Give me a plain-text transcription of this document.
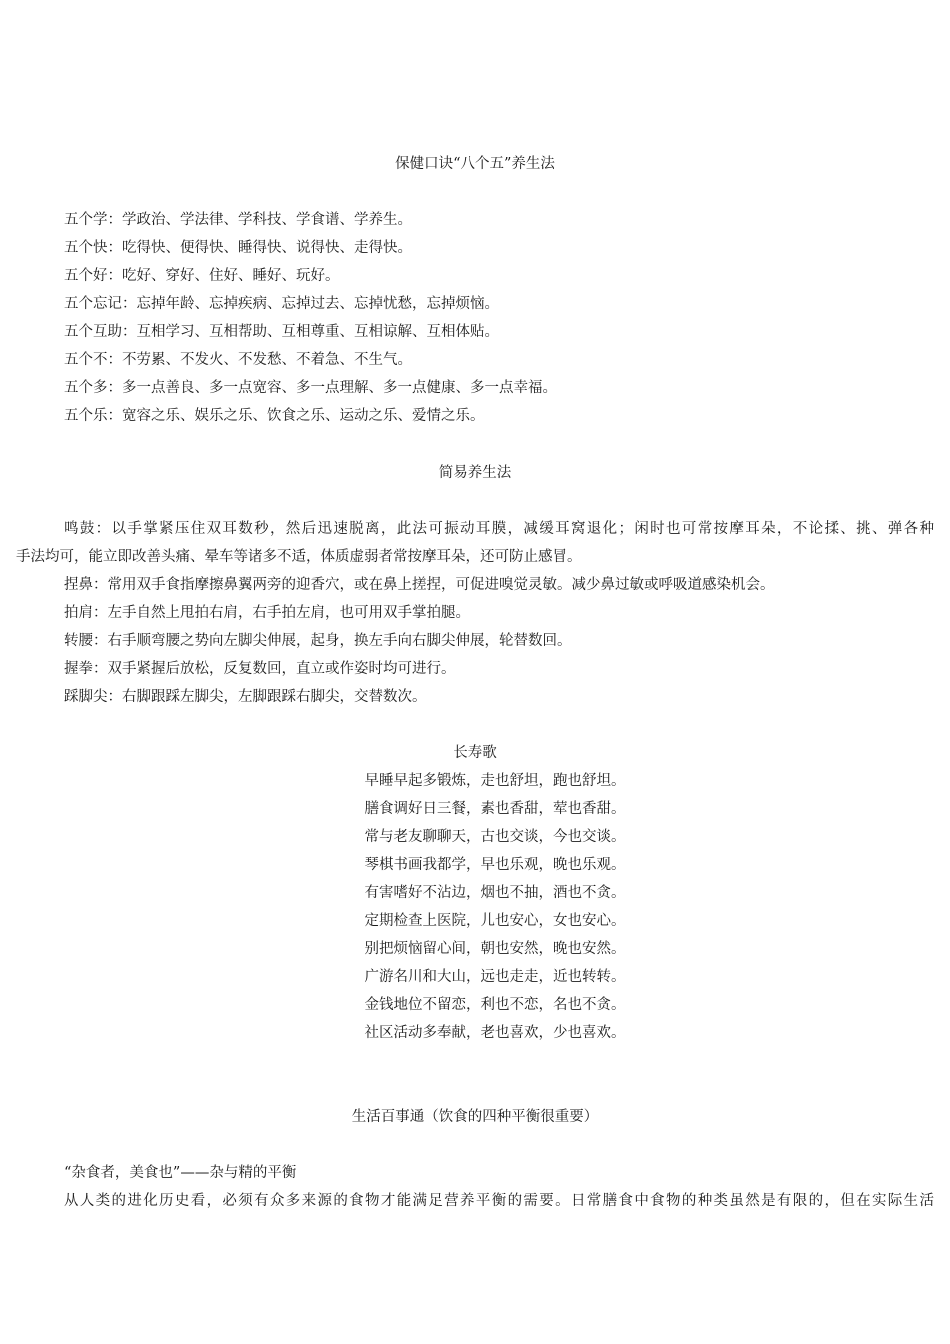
保健口诀“八个五”养生法
五个学：学政治、学法律、学科技、学食谱、学养生。
五个快：吃得快、便得快、睡得快、说得快、走得快。
五个好：吃好、穿好、住好、睡好、玩好。
五个忘记：忘掉年龄、忘掉疾病、忘掉过去、忘掉忧愁，忘掉烦恼。
五个互助：互相学习、互相帮助、互相尊重、互相谅解、互相体贴。
五个不：不劳累、不发火、不发愁、不着急、不生气。
五个多：多一点善良、多一点宽容、多一点理解、多一点健康、多一点幸福。
五个乐：宽容之乐、娱乐之乐、饮食之乐、运动之乐、爱情之乐。
简易养生法
鸣鼓：以手掌紧压住双耳数秒，然后迅速脱离，此法可振动耳膜，减缓耳窝退化；闲时也可常按摩耳朵，不论揉、挑、弹各种
手法均可，能立即改善头痛、晕车等诸多不适，体质虚弱者常按摩耳朵，还可防止感冒。
捏鼻：常用双手食指摩擦鼻翼两旁的迎香穴，或在鼻上搓捏，可促进嗅觉灵敏。减少鼻过敏或呼吸道感染机会。
拍肩：左手自然上甩拍右肩，右手拍左肩，也可用双手掌拍腿。
转腰：右手顺弯腰之势向左脚尖伸展，起身，换左手向右脚尖伸展，轮替数回。
握拳：双手紧握后放松，反复数回，直立或作姿时均可进行。
踩脚尖：右脚跟踩左脚尖，左脚跟踩右脚尖，交替数次。
长寿歌
早睡早起多锻炼，走也舒坦，跑也舒坦。
膳食调好日三餐，素也香甜，荤也香甜。
常与老友聊聊天，古也交谈，今也交谈。
琴棋书画我都学，早也乐观，晚也乐观。
有害嗜好不沾边，烟也不抽，酒也不贪。
定期检查上医院，儿也安心，女也安心。
别把烦恼留心间，朝也安然，晚也安然。
广游名川和大山，远也走走，近也转转。
金钱地位不留恋，利也不恋，名也不贪。
社区活动多奉献，老也喜欢，少也喜欢。
生活百事通（饮食的四种平衡很重要）
“杂食者，美食也”——杂与精的平衡
从人类的进化历史看，必须有众多来源的食物才能满足营养平衡的需要。日常膳食中食物的种类虽然是有限的，但在实际生活
